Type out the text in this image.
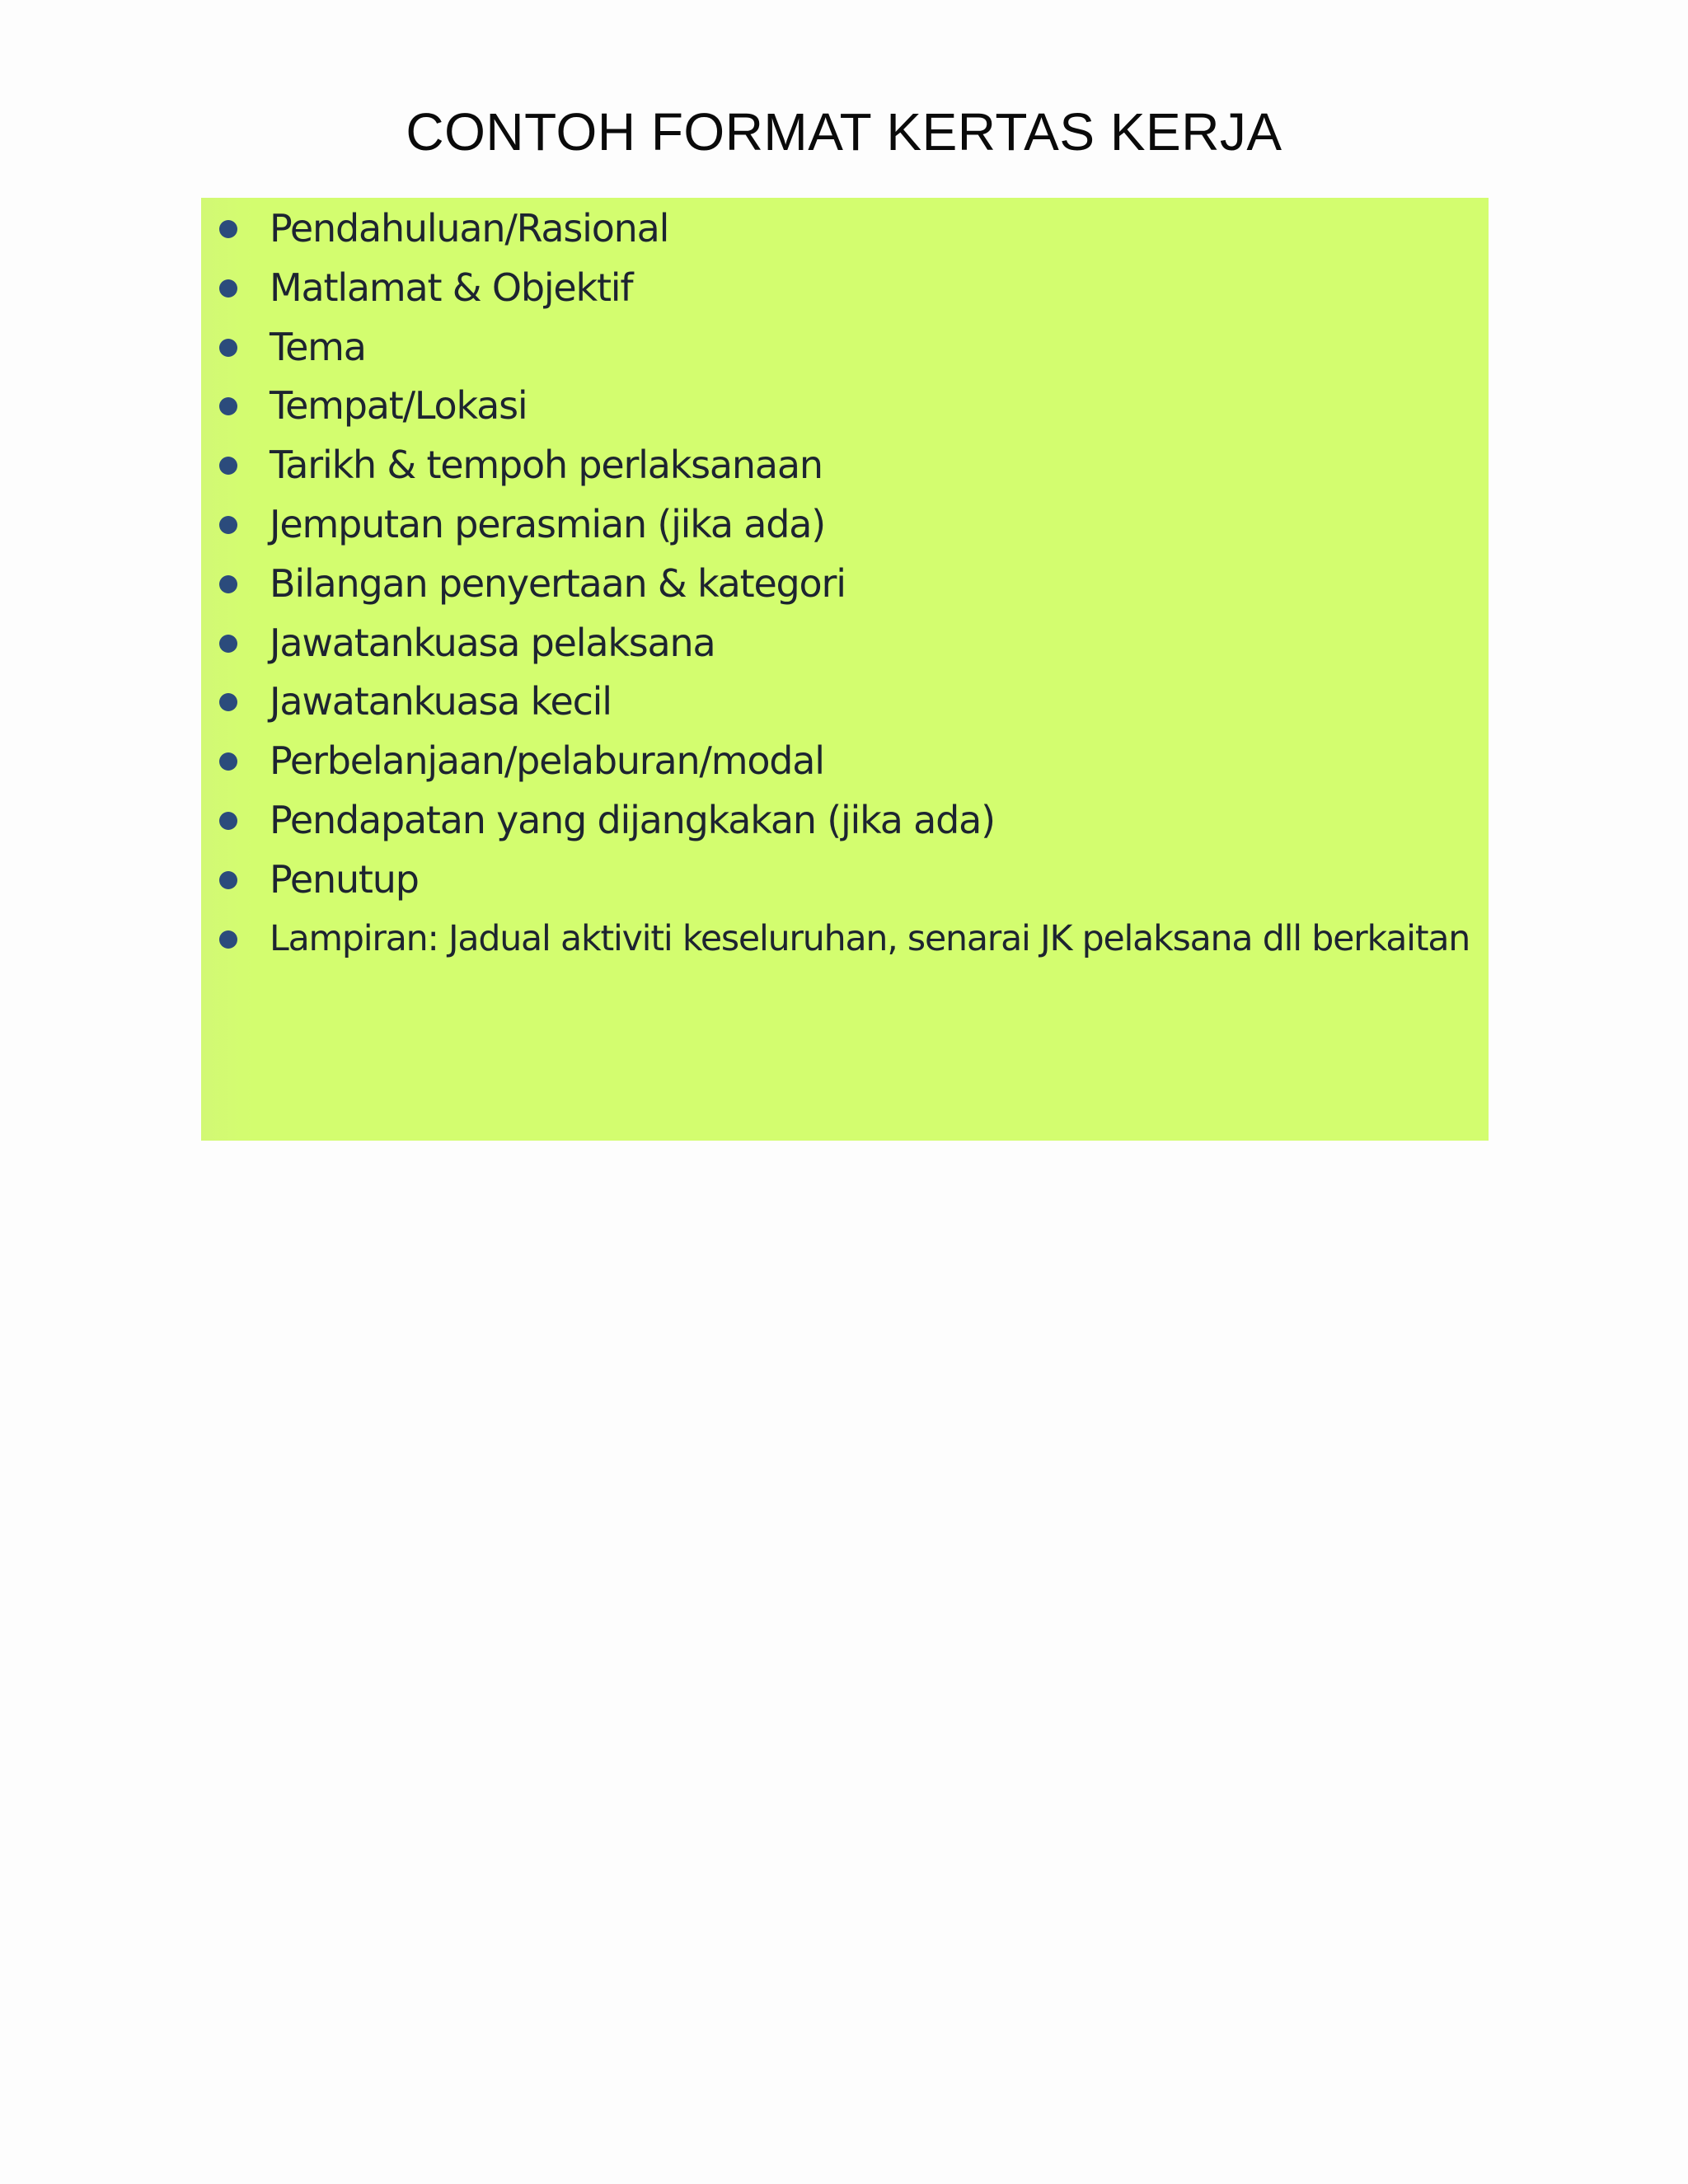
CONTOH FORMAT KERTAS KERJA
Pendahuluan/Rasional
Matlamat & Objektif
Tema
Tempat/Lokasi
Tarikh & tempoh perlaksanaan
Jemputan perasmian (jika ada)
Bilangan penyertaan & kategori
Jawatankuasa pelaksana
Jawatankuasa kecil
Perbelanjaan/pelaburan/modal
Pendapatan yang dijangkakan (jika ada)
Penutup
Lampiran: Jadual aktiviti keseluruhan, senarai JK pelaksana dll berkaitan
